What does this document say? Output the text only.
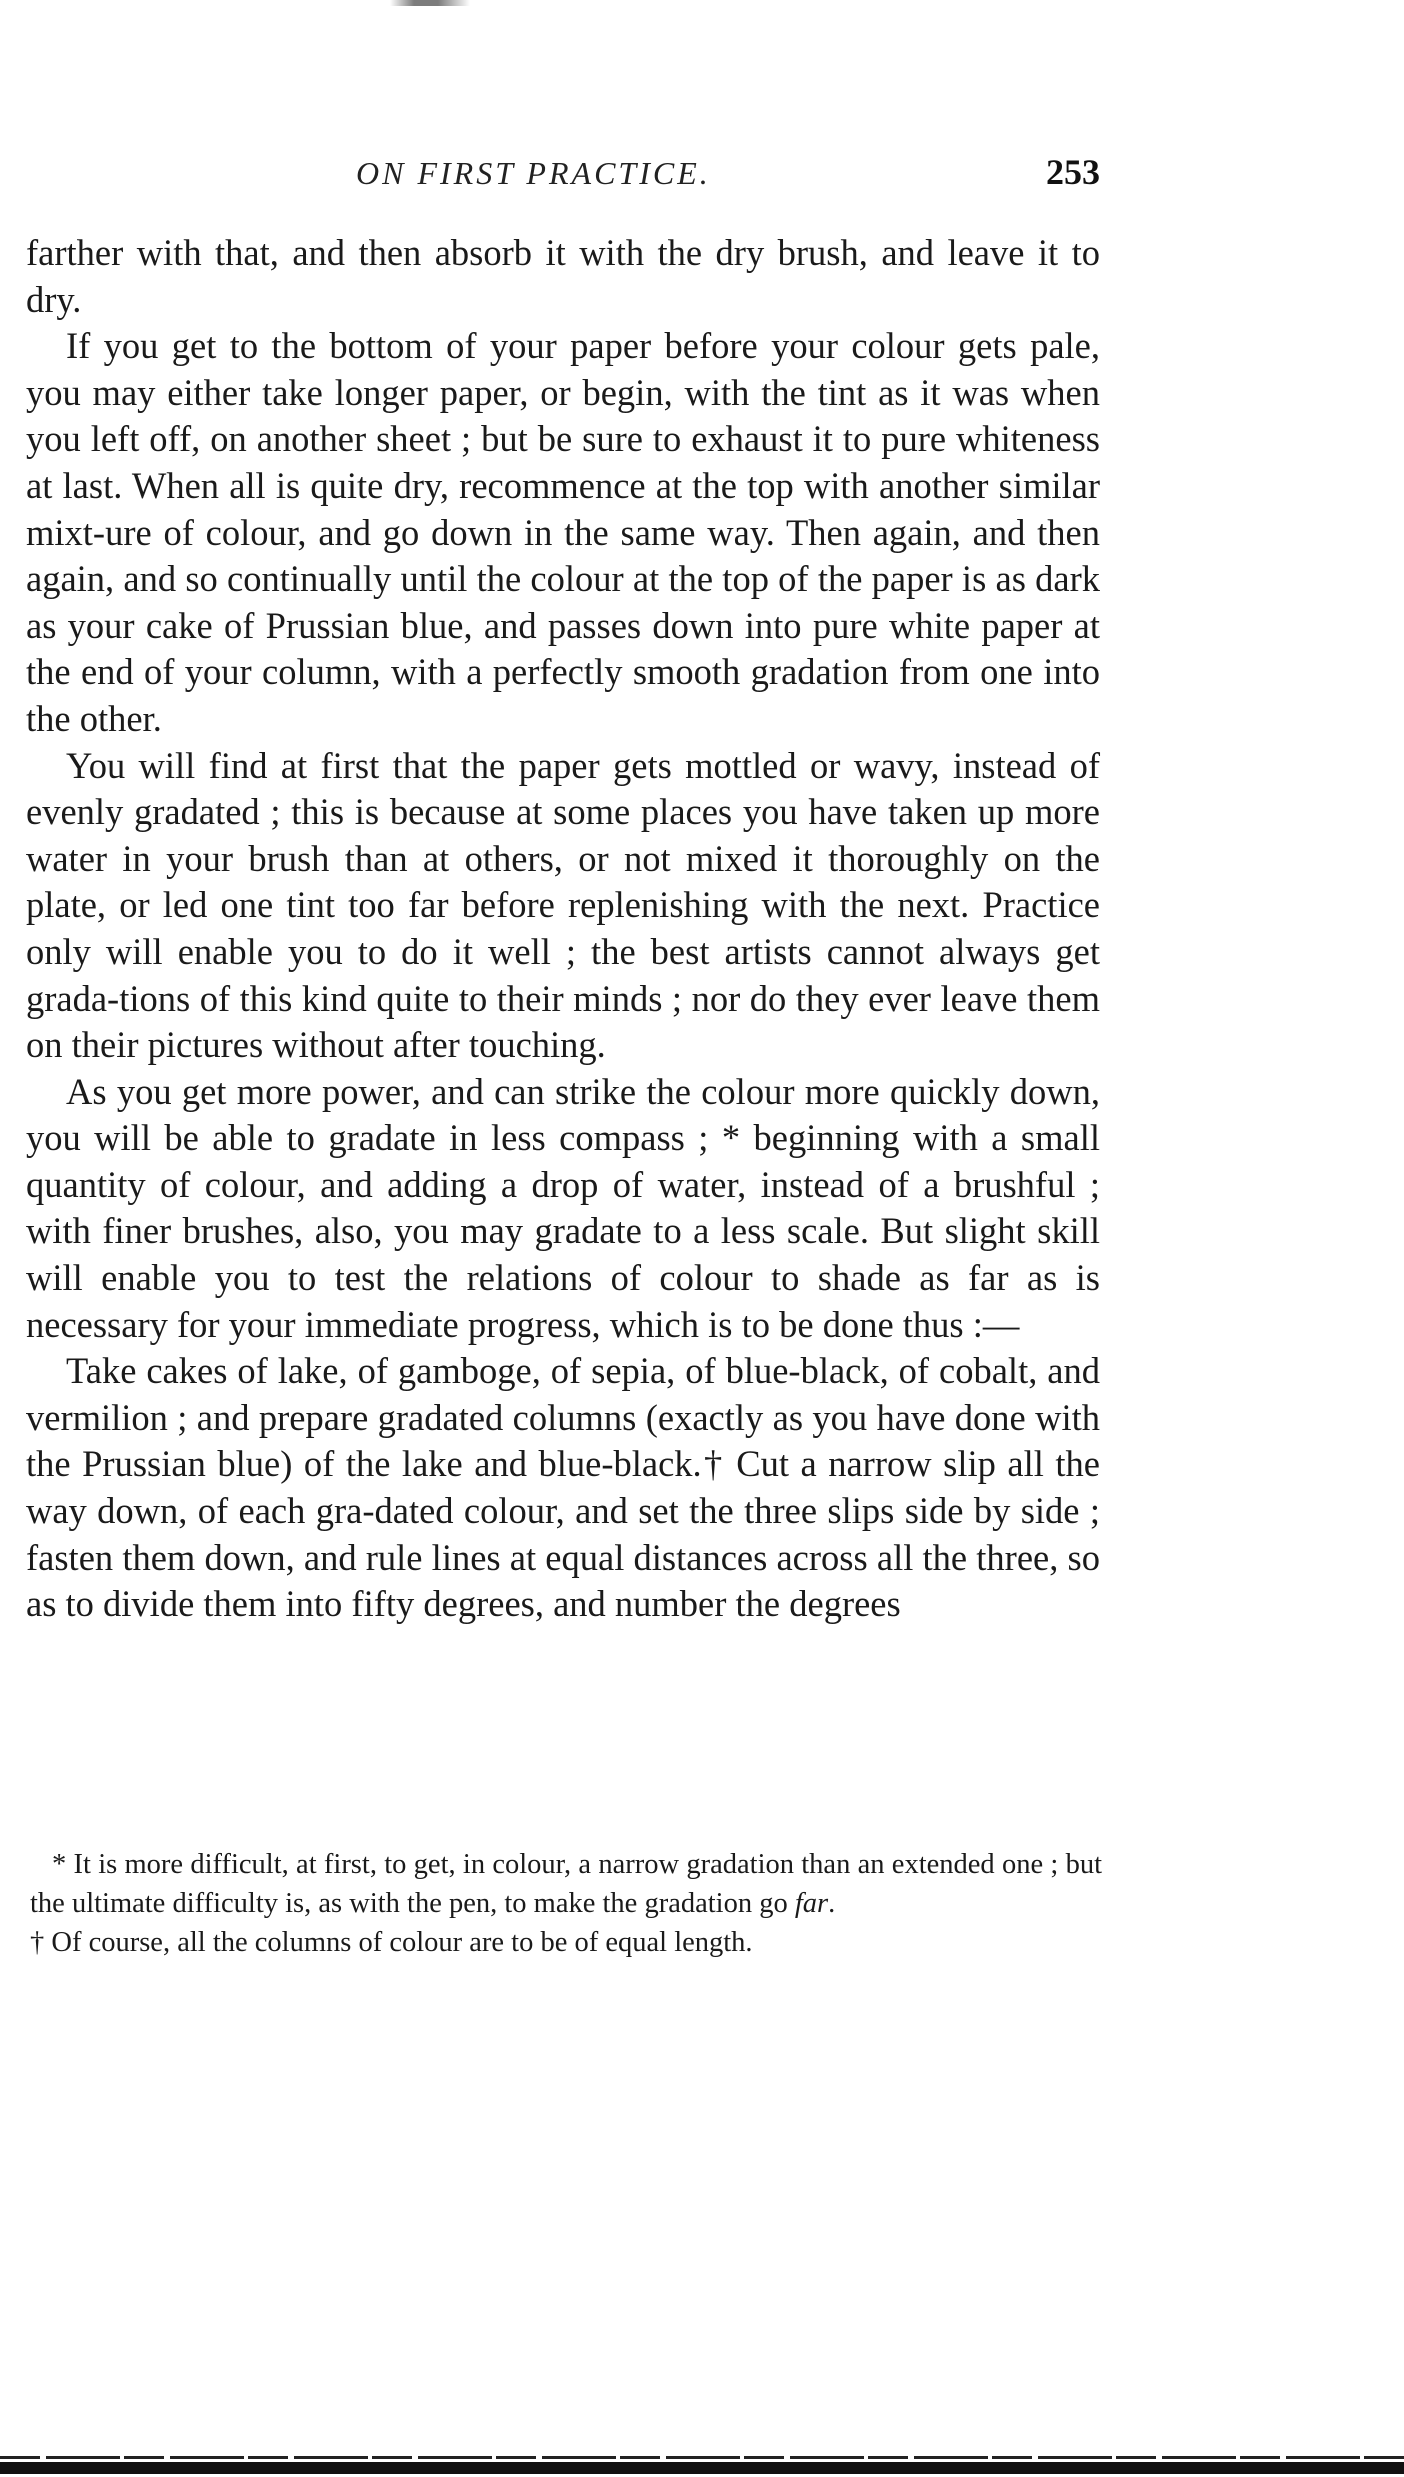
ON FIRST PRACTICE.	253

farther with that, and then absorb it with the dry brush, and leave it to dry.

If you get to the bottom of your paper before your colour gets pale, you may either take longer paper, or begin, with the tint as it was when you left off, on another sheet ; but be sure to exhaust it to pure whiteness at last. When all is quite dry, recommence at the top with another similar mixt-ure of colour, and go down in the same way. Then again, and then again, and so continually until the colour at the top of the paper is as dark as your cake of Prussian blue, and passes down into pure white paper at the end of your column, with a perfectly smooth gradation from one into the other.

You will find at first that the paper gets mottled or wavy, instead of evenly gradated ; this is because at some places you have taken up more water in your brush than at others, or not mixed it thoroughly on the plate, or led one tint too far before replenishing with the next. Practice only will enable you to do it well ; the best artists cannot always get grada-tions of this kind quite to their minds ; nor do they ever leave them on their pictures without after touching.

As you get more power, and can strike the colour more quickly down, you will be able to gradate in less compass ; * beginning with a small quantity of colour, and adding a drop of water, instead of a brushful ; with finer brushes, also, you may gradate to a less scale. But slight skill will enable you to test the relations of colour to shade as far as is necessary for your immediate progress, which is to be done thus :—

Take cakes of lake, of gamboge, of sepia, of blue-black, of cobalt, and vermilion ; and prepare gradated columns (exactly as you have done with the Prussian blue) of the lake and blue-black.† Cut a narrow slip all the way down, of each gra-dated colour, and set the three slips side by side ; fasten them down, and rule lines at equal distances across all the three, so as to divide them into fifty degrees, and number the degrees

* It is more difficult, at first, to get, in colour, a narrow gradation than an extended one ; but the ultimate difficulty is, as with the pen, to make the gradation go far.

† Of course, all the columns of colour are to be of equal length.
